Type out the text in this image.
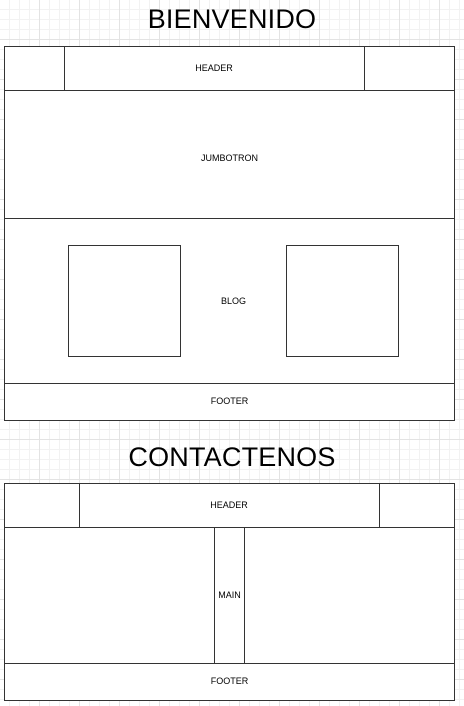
BIENVENIDO
HEADER
JUMBOTRON
BLOG
FOOTER
CONTACTENOS
HEADER
MAIN
FOOTER
